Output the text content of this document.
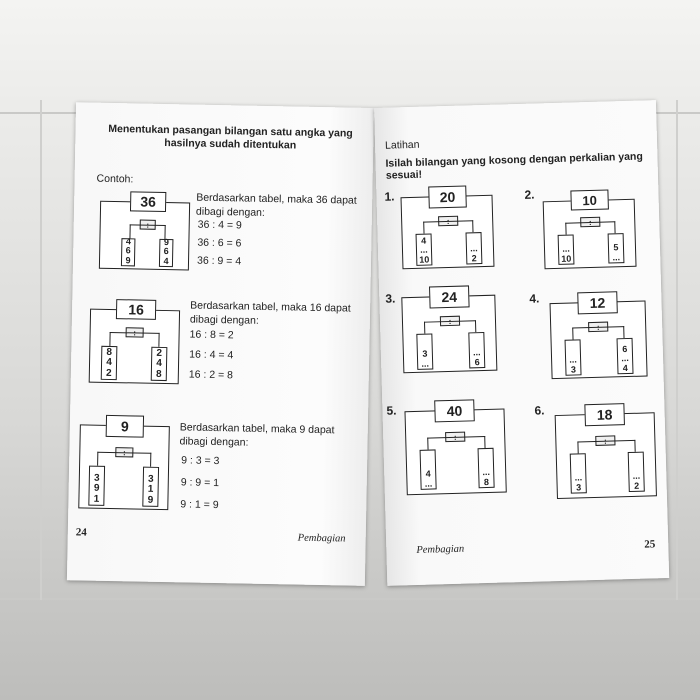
Menentukan pasangan bilangan satu angka yang hasilnya sudah ditentukan
Contoh:
36
:
4
6
9
9
6
4
Berdasarkan tabel, maka 36 dapat dibagi dengan:
36 : 4 = 9
36 : 6 = 6
36 : 9 = 4
16
:
8
4
2
2
4
8
Berdasarkan tabel, maka 16 dapat dibagi dengan:
16 : 8 = 2
16 : 4 = 4
16 : 2 = 8
9
:
3
9
1
3
1
9
Berdasarkan tabel, maka 9 dapat dibagi dengan:
9 : 3 = 3
9 : 9 = 1
9 : 1 = 9
24
Pembagian
Latihan
Isilah bilangan yang kosong dengan perkalian yang sesuai!
1.	20
:
4
...
10
...
2
2.	10
:
...
10
5
...
3.	24
:
3
...
...
6
4.	12
:
...
3
6
...
4
5.	40
:
4
...
...
8
6.	18
:
...
3
...
2
Pembagian	25
